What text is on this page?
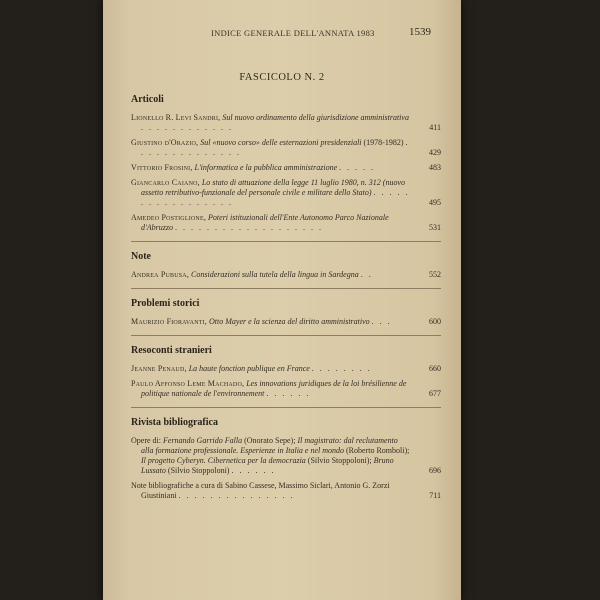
INDICE GENERALE DELL'ANNATA 1983	1539
FASCICOLO N. 2
Articoli
Lionello R. Levi Sandri, Sul nuovo ordinamento della giurisdizione amministrativa . . . . . . . . . . . .	411
Giustino d'Orazio, Sul «nuovo corso» delle esternazioni presidenziali (1978-1982) . . . . . . . . . . . . . .	429
Vittorio Frosini, L'informatica e la pubblica amministrazione . . . . .	483
Giancarlo Caiano, Lo stato di attuazione della legge 11 luglio 1980, n. 312 (nuovo assetto retributivo-funzionale del personale civile e militare dello Stato) . . . . . . . . . . . . . . . . .	495
Amedeo Postiglione, Poteri istituzionali dell'Ente Autonomo Parco Nazionale d'Abruzzo . . . . . . . . . . . . . . . . . . .	531
Note
Andrea Pubusa, Considerazioni sulla tutela della lingua in Sardegna . .	552
Problemi storici
Maurizio Fioravanti, Otto Mayer e la scienza del diritto amministrativo . . .	600
Resoconti stranieri
Jeanne Penaud, La haute fonction publique en France . . . . . . . .	660
Paulo Affonso Leme Machado, Les innovations juridiques de la loi brésilienne de politique nationale de l'environnement . . . . . .	677
Rivista bibliografica
Opere di: Fernando Garrido Falla (Onorato Sepe); Il magistrato: dal reclutamento alla formazione professionale. Esperienze in Italia e nel mondo (Roberto Romboli); Il progetto Cyberyn. Cibernetica per la democrazia (Silvio Stoppoloni); Bruno Lussato (Silvio Stoppoloni) . . . . . .	696
Note bibliografiche a cura di Sabino Cassese, Massimo Siclari, Antonio G. Zorzi Giustiniani . . . . . . . . . . . . . . .	711
